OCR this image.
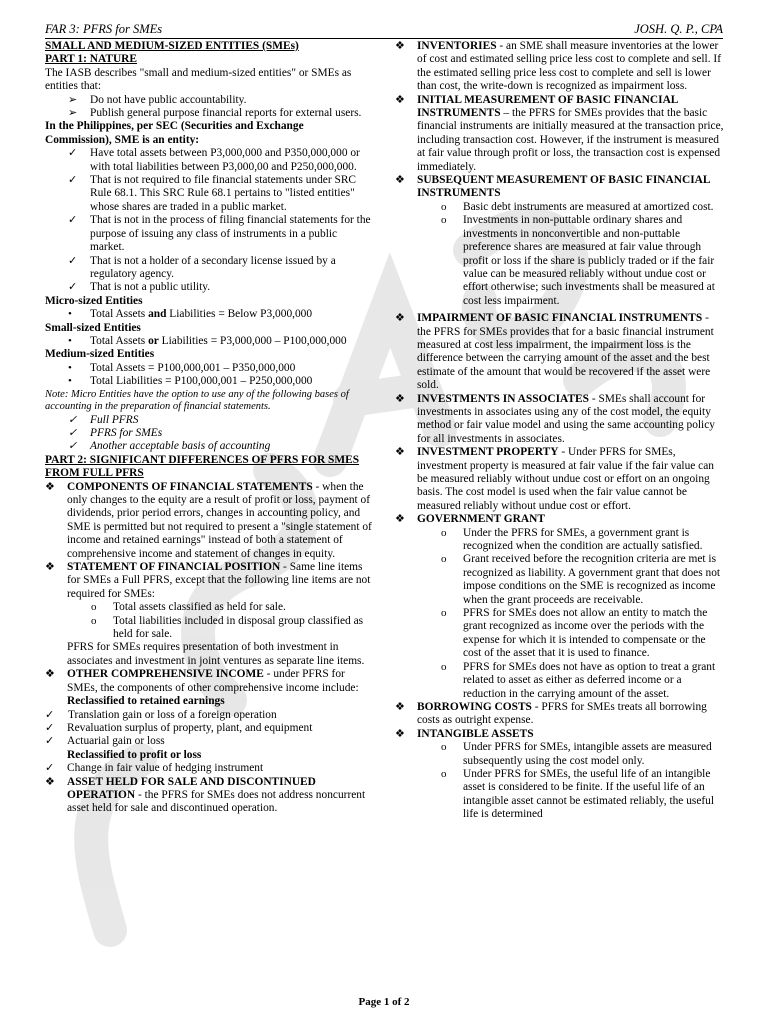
FAR 3: PFRS for SMEs	JOSH. Q. P., CPA

SMALL AND MEDIUM-SIZED ENTITIES (SMEs)

PART 1: NATURE

The IASB describes "small and medium-sized entities" or SMEs as entities that:

➢ Do not have public accountability.

➢ Publish general purpose financial reports for external users.

In the Philippines, per SEC (Securities and Exchange Commission), SME is an entity:

✓ Have total assets between P3,000,000 and P350,000,000 or with total liabilities between P3,000,00 and P250,000,000.

✓ That is not required to file financial statements under SRC Rule 68.1. This SRC Rule 68.1 pertains to "listed entities" whose shares are traded in a public market.

✓ That is not in the process of filing financial statements for the purpose of issuing any class of instruments in a public market.

✓ That is not a holder of a secondary license issued by a regulatory agency.

✓ That is not a public utility.

Micro-sized Entities

• Total Assets and Liabilities = Below P3,000,000

Small-sized Entities

• Total Assets or Liabilities = P3,000,000 – P100,000,000

Medium-sized Entities

• Total Assets = P100,000,001 – P350,000,000

• Total Liabilities = P100,000,001 – P250,000,000

Note: Micro Entities have the option to use any of the following bases of accounting in the preparation of financial statements.

✓ Full PFRS

✓ PFRS for SMEs

✓ Another acceptable basis of accounting

PART 2: SIGNIFICANT DIFFERENCES OF PFRS FOR SMES FROM FULL PFRS

❖ COMPONENTS OF FINANCIAL STATEMENTS - when the only changes to the equity are a result of profit or loss, payment of dividends, prior period errors, changes in accounting policy, and SME is permitted but not required to present a "single statement of income and retained earnings" instead of both a statement of comprehensive income and statement of changes in equity.

❖ STATEMENT OF FINANCIAL POSITION - Same line items for SMEs a Full PFRS, except that the following line items are not required for SMEs:

o Total assets classified as held for sale.

o Total liabilities included in disposal group classified as held for sale.

PFRS for SMEs requires presentation of both investment in associates and investment in joint ventures as separate line items.

❖ OTHER COMPREHENSIVE INCOME - under PFRS for SMEs, the components of other comprehensive income include:

Reclassified to retained earnings

✓ Translation gain or loss of a foreign operation

✓ Revaluation surplus of property, plant, and equipment

✓ Actuarial gain or loss

Reclassified to profit or loss

✓ Change in fair value of hedging instrument

❖ ASSET HELD FOR SALE AND DISCONTINUED OPERATION - the PFRS for SMEs does not address noncurrent asset held for sale and discontinued operation.

❖ INVENTORIES - an SME shall measure inventories at the lower of cost and estimated selling price less cost to complete and sell. If the estimated selling price less cost to complete and sell is lower than cost, the write-down is recognized as impairment loss.

❖ INITIAL MEASUREMENT OF BASIC FINANCIAL INSTRUMENTS – the PFRS for SMEs provides that the basic financial instruments are initially measured at the transaction price, including transaction cost. However, if the instrument is measured at fair value through profit or loss, the transaction cost is expensed immediately.

❖ SUBSEQUENT MEASUREMENT OF BASIC FINANCIAL INSTRUMENTS

o Basic debt instruments are measured at amortized cost.

o Investments in non-puttable ordinary shares and investments in nonconvertible and non-puttable preference shares are measured at fair value through profit or loss if the share is publicly traded or if the fair value can be measured reliably without undue cost or effort otherwise; such investments shall be measured at cost less impairment.

❖ IMPAIRMENT OF BASIC FINANCIAL INSTRUMENTS - the PFRS for SMEs provides that for a basic financial instrument measured at cost less impairment, the impairment loss is the difference between the carrying amount of the asset and the best estimate of the amount that would be recovered if the asset were sold.

❖ INVESTMENTS IN ASSOCIATES - SMEs shall account for investments in associates using any of the cost model, the equity method or fair value model and using the same accounting policy for all investments in associates.

❖ INVESTMENT PROPERTY - Under PFRS for SMEs, investment property is measured at fair value if the fair value can be measured reliably without undue cost or effort on an ongoing basis. The cost model is used when the fair value cannot be measured reliably without undue cost or effort.

❖ GOVERNMENT GRANT

o Under the PFRS for SMEs, a government grant is recognized when the condition are actually satisfied.

o Grant received before the recognition criteria are met is recognized as liability. A government grant that does not impose conditions on the SME is recognized as income when the grant proceeds are receivable.

o PFRS for SMEs does not allow an entity to match the grant recognized as income over the periods with the expense for which it is intended to compensate or the cost of the asset that it is used to finance.

o PFRS for SMEs does not have as option to treat a grant related to asset as either as deferred income or a reduction in the carrying amount of the asset.

❖ BORROWING COSTS - PFRS for SMEs treats all borrowing costs as outright expense.

❖ INTANGIBLE ASSETS

o Under PFRS for SMEs, intangible assets are measured subsequently using the cost model only.

o Under PFRS for SMEs, the useful life of an intangible asset is considered to be finite. If the useful life of an intangible asset cannot be estimated reliably, the useful life is determined

Page 1 of 2
